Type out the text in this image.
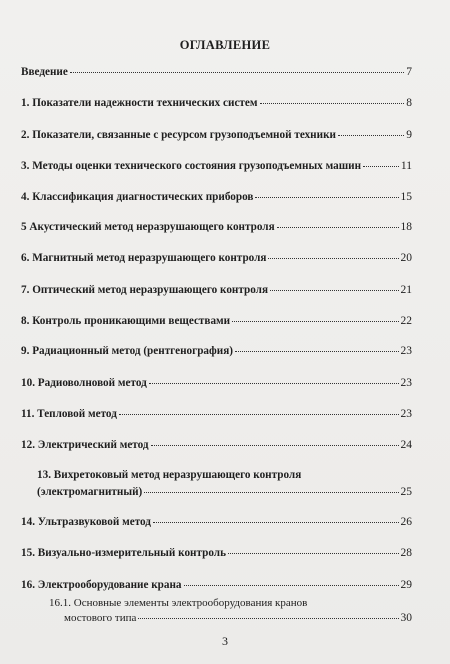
ОГЛАВЛЕНИЕ
Введение	7
1. Показатели надежности технических систем	8
2. Показатели, связанные с ресурсом грузоподъемной техники	9
3. Методы оценки технического состояния грузоподъемных машин	11
4. Классификация диагностических приборов	15
5 Акустический метод неразрушающего контроля	18
6. Магнитный метод неразрушающего контроля	20
7. Оптический метод неразрушающего контроля	21
8. Контроль проникающими веществами	22
9. Радиационный метод (рентгенография)	23
10. Радиоволновой метод	23
11. Тепловой метод	23
12. Электрический метод	24
13. Вихретоковый метод неразрушающего контроля
(электромагнитный)	25
14. Ультразвуковой метод	26
15. Визуально-измерительный контроль	28
16. Электрооборудование крана	29
16.1. Основные элементы электрооборудования кранов
мостового типа	30
3
